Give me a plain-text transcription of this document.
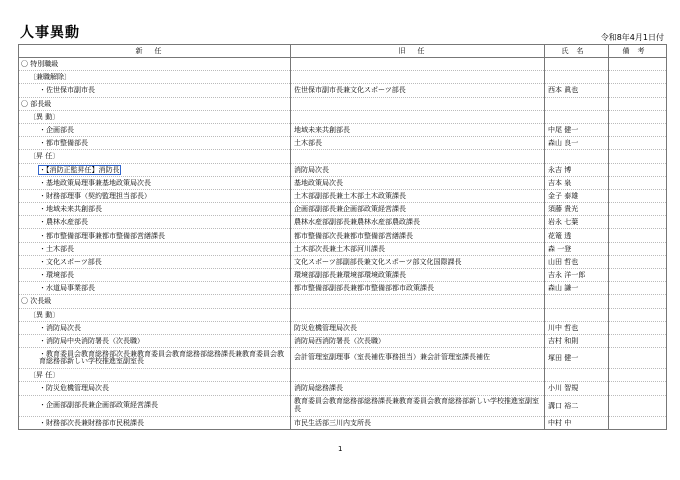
人事異動	令和8年4月1日付
新任	旧任	氏名	備考
〇 特別職級			
〔兼職解除〕			
・佐世保市副市長	佐世保市副市長兼文化スポーツ部長	西本 眞也	
〇 部長級			
〔異 動〕			
・企画部長	地域未来共創部長	中尾 健一	
・都市整備部長	土木部長	森山 良一	
〔昇 任〕			
・【消防正監昇任】消防長	消防局次長	永吉 博	
・基地政策局理事兼基地政策局次長	基地政策局次長	吉本 泉	
・財務部理事（契約監理担当部長）	土木部副部長兼土木部土木政策課長	金子 泰雄	
・地域未来共創部長	企画部副部長兼企画部政策経営課長	須藤 貴光	
・農林水産部長	農林水産部副部長兼農林水産部農政課長	岩永 七葉	
・都市整備部理事兼都市整備部営繕課長	都市整備部次長兼都市整備部営繕課長	花篭 透	
・土木部長	土木部次長兼土木部河川課長	森 一登	
・文化スポーツ部長	文化スポーツ部副部長兼文化スポーツ部文化国際課長	山田 哲也	
・環境部長	環境部副部長兼環境部環境政策課長	吉永 洋一郎	
・水道局事業部長	都市整備部副部長兼都市整備部都市政策課長	森山 謙一	
〇 次長級			
〔異 動〕			
・消防局次長	防災危機管理局次長	川中 哲也	
・消防局中央消防署長（次長職）	消防局西消防署長（次長職）	吉村 和則	
・教育委員会教育総務部次長兼教育委員会教育総務部総務課長兼教育委員会教育総務部新しい学校推進室副室長	会計管理室副理事（室長補佐事務担当）兼会計管理室課長補佐	塚田 健一	
〔昇 任〕			
・防災危機管理局次長	消防局総務課長	小川 智規	
・企画部副部長兼企画部政策経営課長	教育委員会教育総務部総務課長兼教育委員会教育総務部新しい学校推進室副室長	溝口 裕二	
・財務部次長兼財務部市民税課長	市民生活部三川内支所長	中村 中	
1
